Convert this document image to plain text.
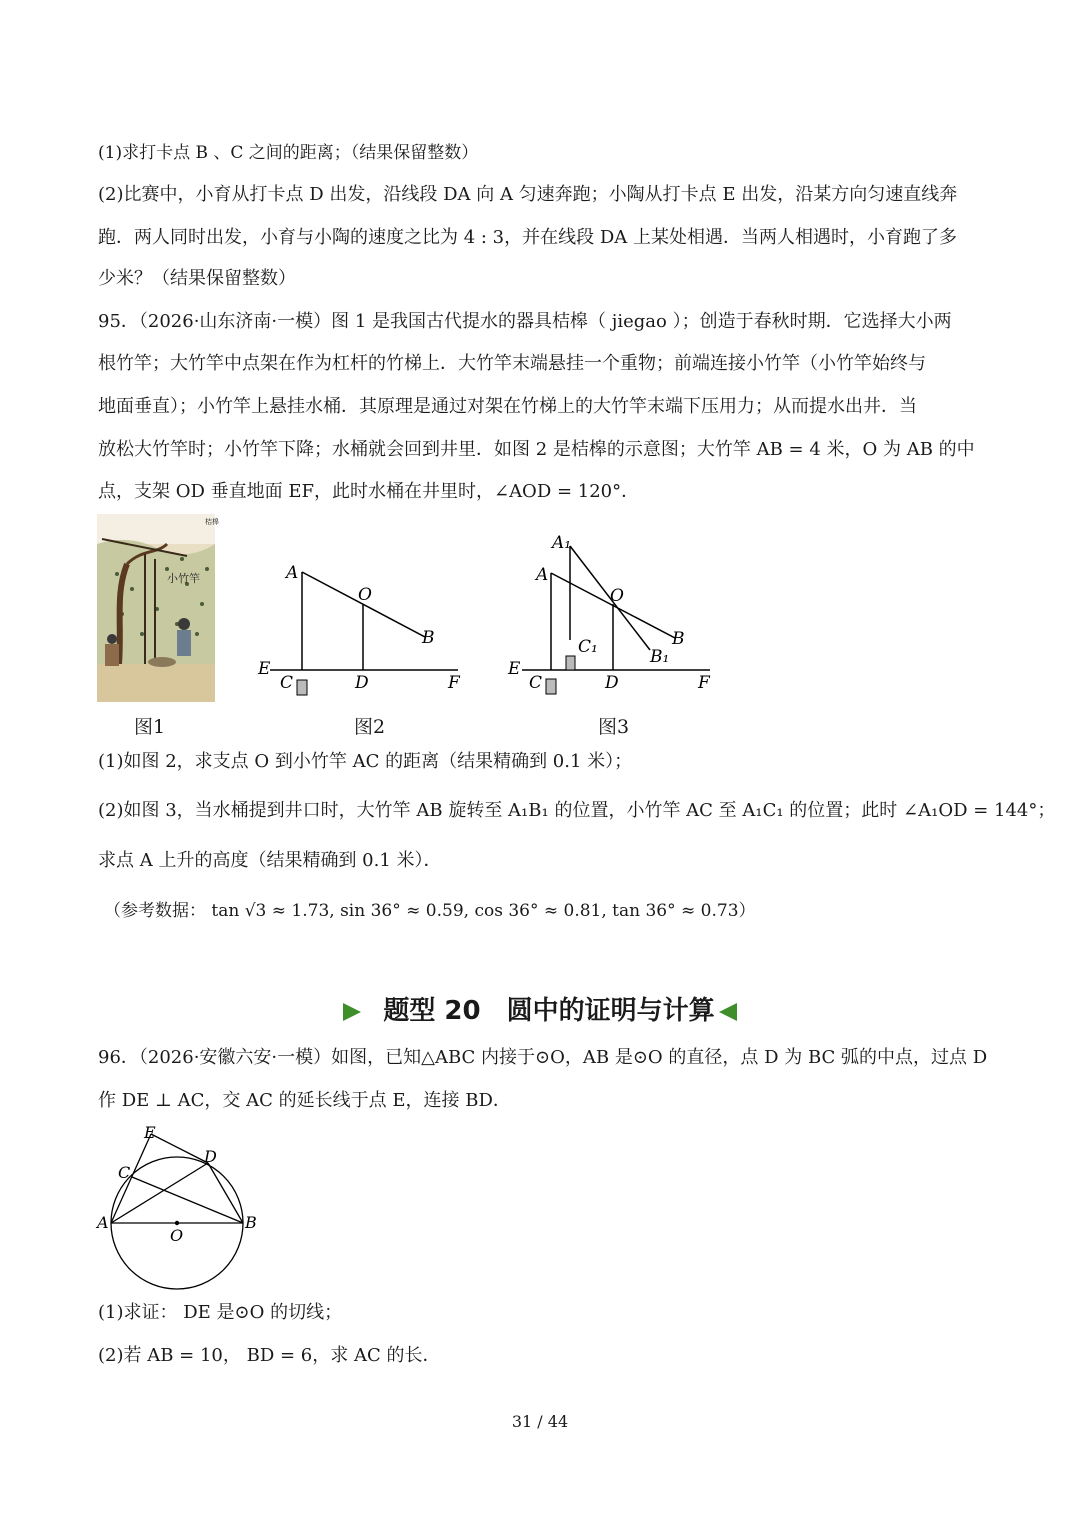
(1)求打卡点 B 、C 之间的距离；（结果保留整数）
(2)比赛中，小育从打卡点 D 出发，沿线段 DA 向 A 匀速奔跑；小陶从打卡点 E 出发，沿某方向匀速直线奔
跑．两人同时出发，小育与小陶的速度之比为 4 : 3，并在线段 DA 上某处相遇．当两人相遇时，小育跑了多
少米？（结果保留整数）
95．（2026·山东济南·一模）图 1 是我国古代提水的器具桔槔（ jiegao ）；创造于春秋时期．它选择大小两
根竹竿；大竹竿中点架在作为杠杆的竹梯上．大竹竿末端悬挂一个重物；前端连接小竹竿（小竹竿始终与
地面垂直）；小竹竿上悬挂水桶．其原理是通过对架在竹梯上的大竹竿末端下压用力；从而提水出井．当
放松大竹竿时；小竹竿下降；水桶就会回到井里．如图 2 是桔槔的示意图；大竹竿 AB = 4 米，O 为 AB 的中
点，支架 OD 垂直地面 EF，此时水桶在井里时，∠AOD = 120°．
桔槔
小竹竿
图1
A
O
B
E
C	D	F
图2
A₁
A
O
B
B₁
C₁
E
C	D	F
图3
(1)如图 2，求支点 O 到小竹竿 AC 的距离（结果精确到 0.1 米）；
(2)如图 3，当水桶提到井口时，大竹竿 AB 旋转至 A₁B₁ 的位置，小竹竿 AC 至 A₁C₁ 的位置；此时 ∠A₁OD = 144°；
求点 A 上升的高度（结果精确到 0.1 米）．
（参考数据： tan √3 ≈ 1.73, sin 36° ≈ 0.59, cos 36° ≈ 0.81, tan 36° ≈ 0.73）
题型 20　圆中的证明与计算
96．（2026·安徽六安·一模）如图，已知△ABC 内接于⊙O，AB 是⊙O 的直径，点 D 为 BC 弧的中点，过点 D
作 DE ⊥ AC，交 AC 的延长线于点 E，连接 BD．
E
D
C
A	B
O
(1)求证： DE 是⊙O 的切线；
(2)若 AB = 10， BD = 6，求 AC 的长．
31 / 44
